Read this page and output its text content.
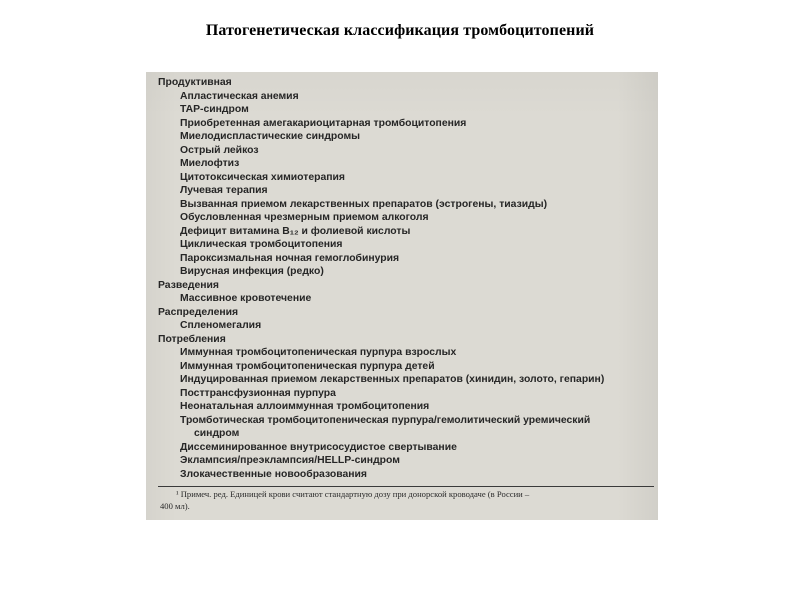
Патогенетическая классификация тромбоцитопений
Продуктивная
Апластическая анемия
TAP-синдром
Приобретенная амегакариоцитарная тромбоцитопения
Миелодиспластические синдромы
Острый лейкоз
Миелофтиз
Цитотоксическая химиотерапия
Лучевая терапия
Вызванная приемом лекарственных препаратов (эстрогены, тиазиды)
Обусловленная чрезмерным приемом алкоголя
Дефицит витамина B₁₂ и фолиевой кислоты
Циклическая тромбоцитопения
Пароксизмальная ночная гемоглобинурия
Вирусная инфекция (редко)
Разведения
Массивное кровотечение
Распределения
Спленомегалия
Потребления
Иммунная тромбоцитопеническая пурпура взрослых
Иммунная тромбоцитопеническая пурпура детей
Индуцированная приемом лекарственных препаратов (хинидин, золото, гепарин)
Посттрансфузионная пурпура
Неонатальная аллоиммунная тромбоцитопения
Тромботическая тромбоцитопеническая пурпура/гемолитический уремический
синдром
Диссеминированное внутрисосудистое свертывание
Эклампсия/преэклампсия/HELLP-синдром
Злокачественные новообразования
¹ Примеч. ред. Единицей крови считают стандартную дозу при донорской кроводаче (в России –
400 мл).
